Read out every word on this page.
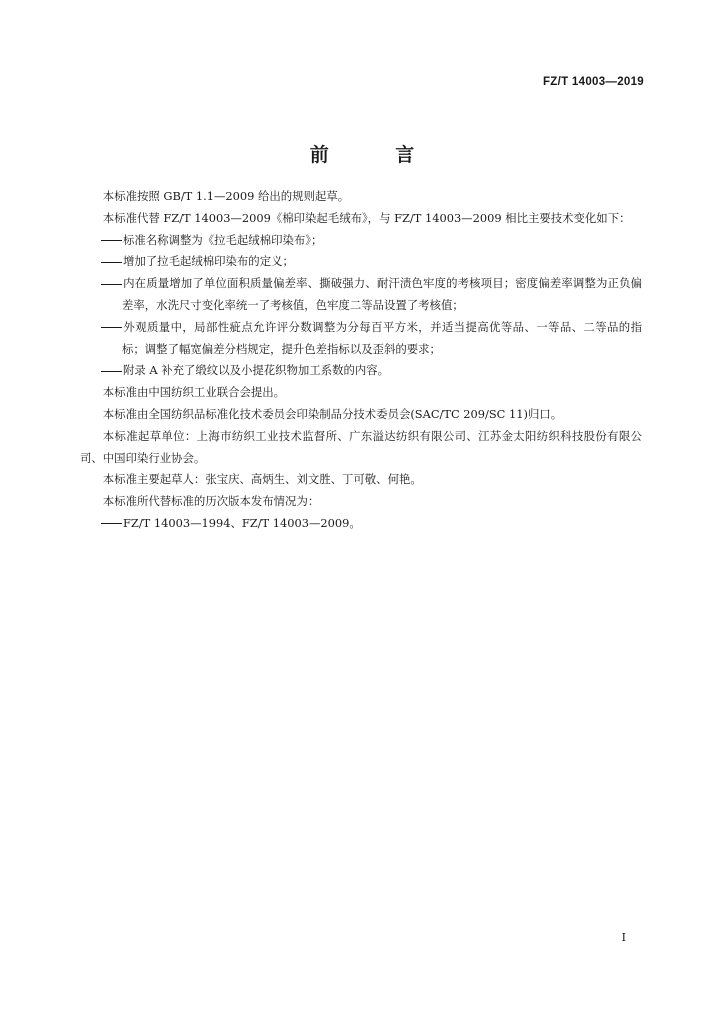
FZ/T 14003—2019
前 言

本标准按照 GB/T 1.1—2009 给出的规则起草。

本标准代替 FZ/T 14003—2009《棉印染起毛绒布》，与 FZ/T 14003—2009 相比主要技术变化如下：

标准名称调整为《拉毛起绒棉印染布》；

增加了拉毛起绒棉印染布的定义；

内在质量增加了单位面积质量偏差率、撕破强力、耐汗渍色牢度的考核项目；密度偏差率调整为正负偏差率，水洗尺寸变化率统一了考核值，色牢度二等品设置了考核值；

外观质量中，局部性疵点允许评分数调整为分每百平方米，并适当提高优等品、一等品、二等品的指标；调整了幅宽偏差分档规定，提升色差指标以及歪斜的要求；

附录 A 补充了缎纹以及小提花织物加工系数的内容。

本标准由中国纺织工业联合会提出。

本标准由全国纺织品标准化技术委员会印染制品分技术委员会(SAC/TC 209/SC 11)归口。

本标准起草单位：上海市纺织工业技术监督所、广东溢达纺织有限公司、江苏金太阳纺织科技股份有限公司、中国印染行业协会。

本标准主要起草人：张宝庆、高炳生、刘文胜、丁可敬、何艳。

本标准所代替标准的历次版本发布情况为：

FZ/T 14003—1994、FZ/T 14003—2009。

I
